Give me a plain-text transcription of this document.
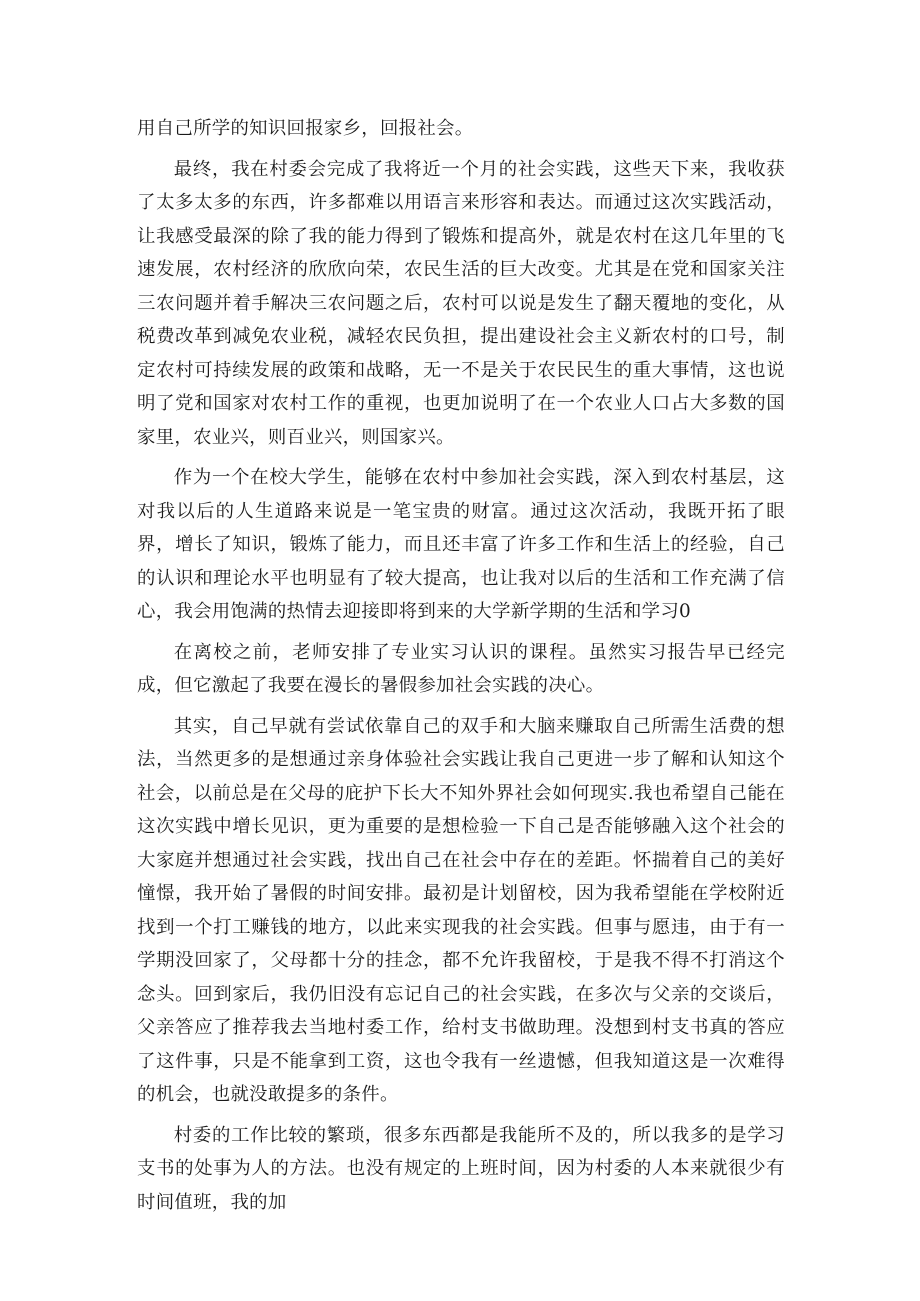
用自己所学的知识回报家乡，回报社会。

最终，我在村委会完成了我将近一个月的社会实践，这些天下来，我收获了太多太多的东西，许多都难以用语言来形容和表达。而通过这次实践活动，让我感受最深的除了我的能力得到了锻炼和提高外，就是农村在这几年里的飞速发展，农村经济的欣欣向荣，农民生活的巨大改变。尤其是在党和国家关注三农问题并着手解决三农问题之后，农村可以说是发生了翻天覆地的变化，从税费改革到减免农业税，减轻农民负担，提出建设社会主义新农村的口号，制定农村可持续发展的政策和战略，无一不是关于农民民生的重大事情，这也说明了党和国家对农村工作的重视，也更加说明了在一个农业人口占大多数的国家里，农业兴，则百业兴，则国家兴。

作为一个在校大学生，能够在农村中参加社会实践，深入到农村基层，这对我以后的人生道路来说是一笔宝贵的财富。通过这次活动，我既开拓了眼界，增长了知识，锻炼了能力，而且还丰富了许多工作和生活上的经验，自己的认识和理论水平也明显有了较大提高，也让我对以后的生活和工作充满了信心，我会用饱满的热情去迎接即将到来的大学新学期的生活和学习0

在离校之前，老师安排了专业实习认识的课程。虽然实习报告早已经完成，但它激起了我要在漫长的暑假参加社会实践的决心。

其实，自己早就有尝试依靠自己的双手和大脑来赚取自己所需生活费的想法，当然更多的是想通过亲身体验社会实践让我自己更进一步了解和认知这个社会，以前总是在父母的庇护下长大不知外界社会如何现实.我也希望自己能在这次实践中增长见识，更为重要的是想检验一下自己是否能够融入这个社会的大家庭并想通过社会实践，找出自己在社会中存在的差距。怀揣着自己的美好憧憬，我开始了暑假的时间安排。最初是计划留校，因为我希望能在学校附近找到一个打工赚钱的地方，以此来实现我的社会实践。但事与愿违，由于有一学期没回家了，父母都十分的挂念，都不允许我留校，于是我不得不打消这个念头。回到家后，我仍旧没有忘记自己的社会实践，在多次与父亲的交谈后，父亲答应了推荐我去当地村委工作，给村支书做助理。没想到村支书真的答应了这件事，只是不能拿到工资，这也令我有一丝遗憾，但我知道这是一次难得的机会，也就没敢提多的条件。

村委的工作比较的繁琐，很多东西都是我能所不及的，所以我多的是学习支书的处事为人的方法。也没有规定的上班时间，因为村委的人本来就很少有时间值班，我的加
